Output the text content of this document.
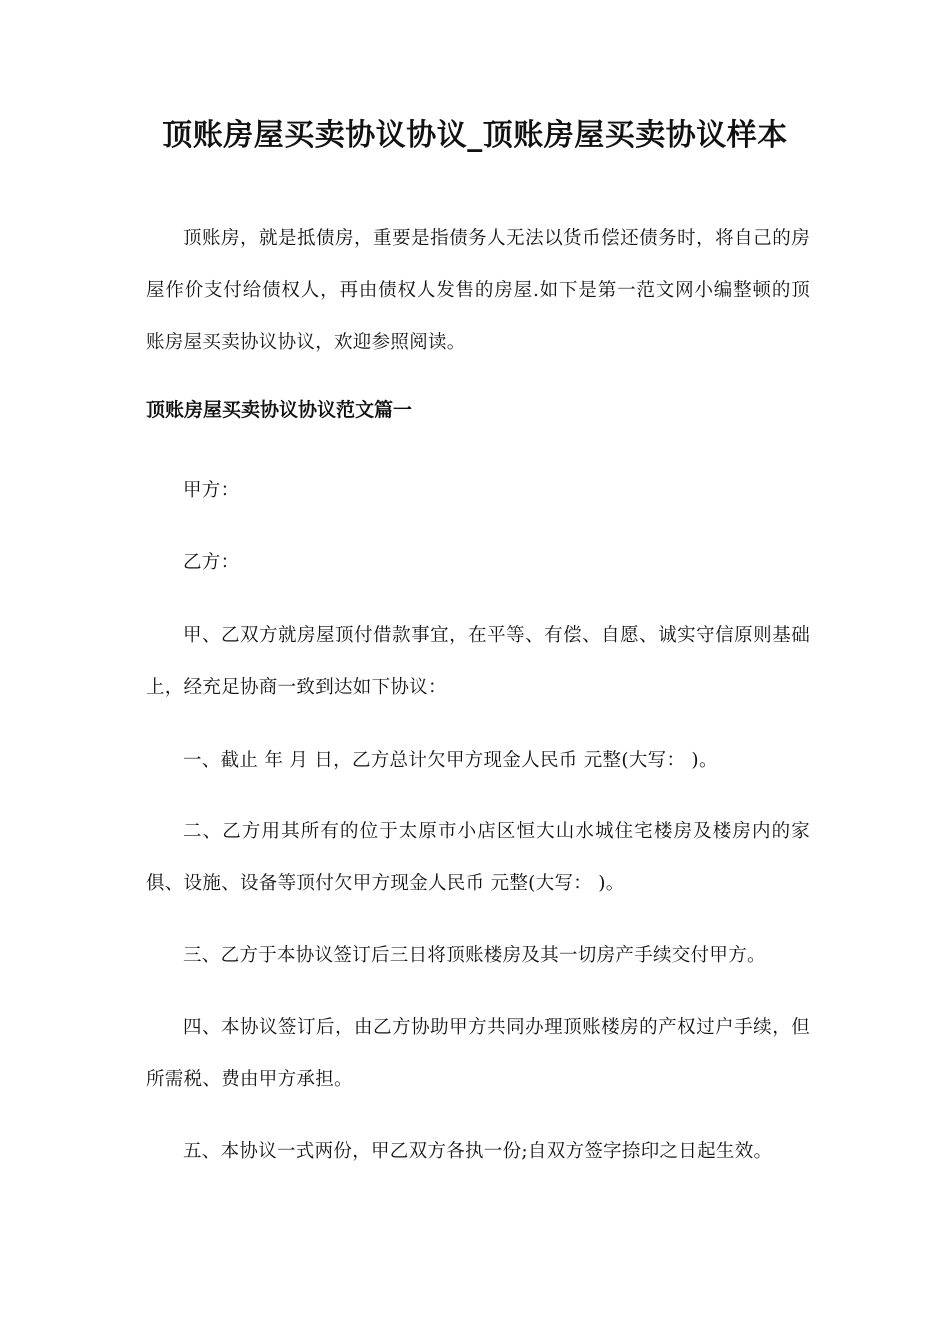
顶账房屋买卖协议协议_顶账房屋买卖协议样本

顶账房，就是抵债房，重要是指债务人无法以货币偿还债务时，将自己的房屋作价支付给债权人，再由债权人发售的房屋.如下是第一范文网小编整顿的顶账房屋买卖协议协议，欢迎参照阅读。

顶账房屋买卖协议协议范文篇一

甲方：

乙方：

甲、乙双方就房屋顶付借款事宜，在平等、有偿、自愿、诚实守信原则基础上，经充足协商一致到达如下协议：

一、截止 年 月 日，乙方总计欠甲方现金人民币 元整(大写： )。

二、乙方用其所有的位于太原市小店区恒大山水城住宅楼房及楼房内的家俱、设施、设备等顶付欠甲方现金人民币 元整(大写： )。

三、乙方于本协议签订后三日将顶账楼房及其一切房产手续交付甲方。

四、本协议签订后，由乙方协助甲方共同办理顶账楼房的产权过户手续，但所需税、费由甲方承担。

五、本协议一式两份，甲乙双方各执一份;自双方签字捺印之日起生效。
